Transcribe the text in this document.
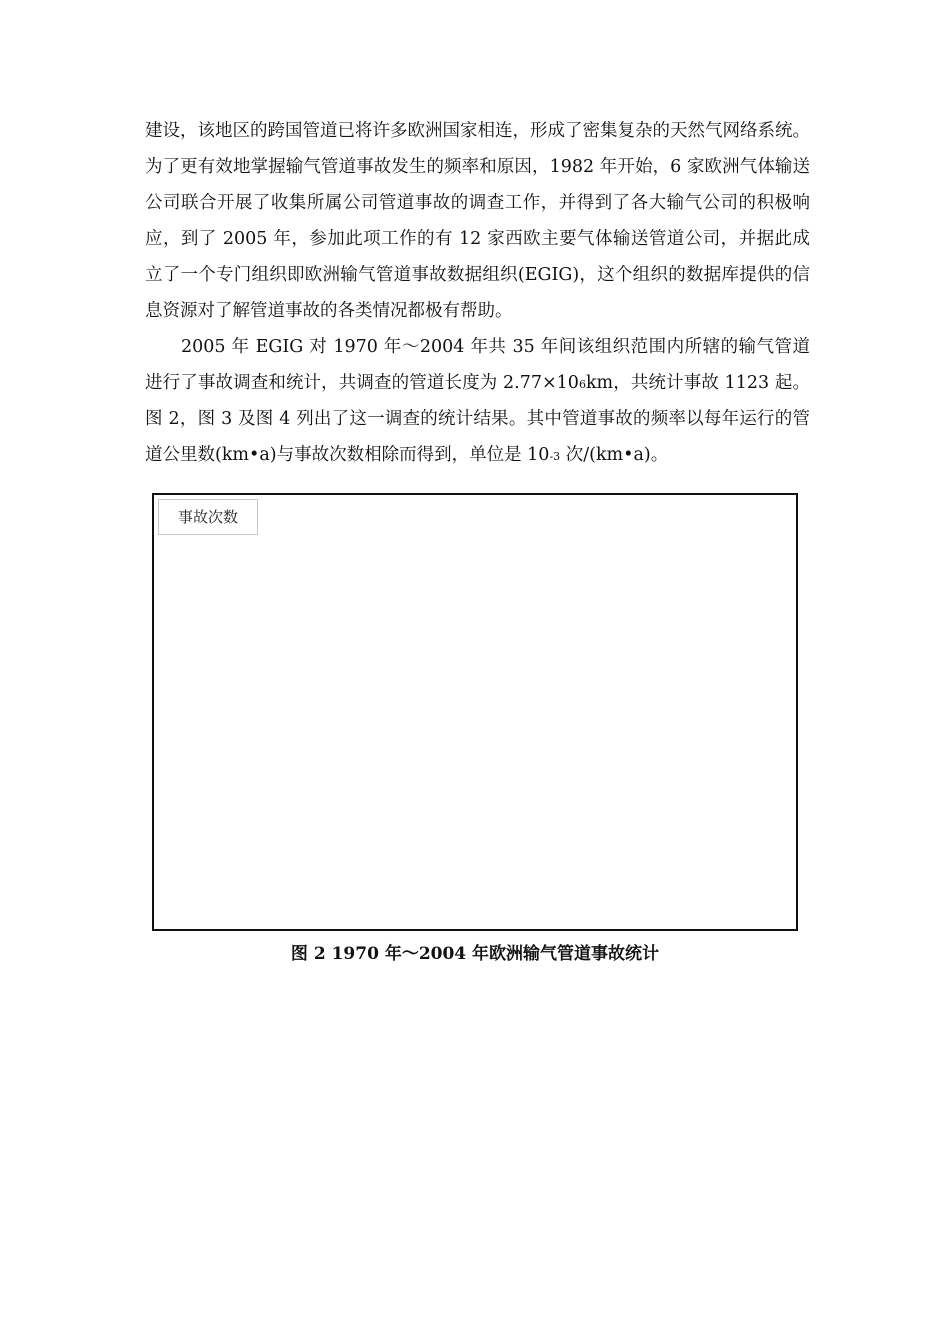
建设，该地区的跨国管道已将许多欧洲国家相连，形成了密集复杂的天然气网络系统。为了更有效地掌握输气管道事故发生的频率和原因，1982 年开始，6 家欧洲气体输送公司联合开展了收集所属公司管道事故的调查工作，并得到了各大输气公司的积极响应，到了 2005 年，参加此项工作的有 12 家西欧主要气体输送管道公司，并据此成立了一个专门组织即欧洲输气管道事故数据组织(EGIG)，这个组织的数据库提供的信息资源对了解管道事故的各类情况都极有帮助。

2005 年 EGIG 对 1970 年～2004 年共 35 年间该组织范围内所辖的输气管道进行了事故调查和统计，共调查的管道长度为 2.77×106km，共统计事故 1123 起。图 2，图 3 及图 4 列出了这一调查的统计结果。其中管道事故的频率以每年运行的管道公里数(km•a)与事故次数相除而得到，单位是 10-3 次/(km•a)。

事故次数
图 2 1970 年～2004 年欧洲输气管道事故统计
